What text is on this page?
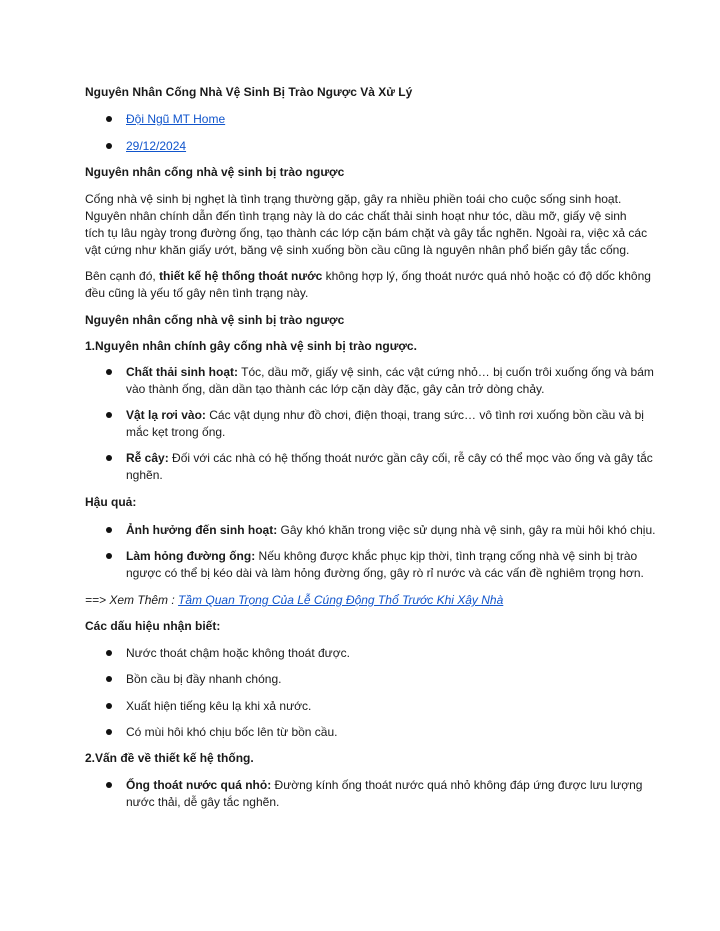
Nguyên Nhân Cống Nhà Vệ Sinh Bị Trào Ngược Và Xử Lý
Đội Ngũ MT Home
29/12/2024
Nguyên nhân cống nhà vệ sinh bị trào ngược
Cống nhà vệ sinh bị nghẹt là tình trạng thường gặp, gây ra nhiều phiền toái cho cuộc sống sinh hoạt.
Nguyên nhân chính dẫn đến tình trạng này là do các chất thải sinh hoạt như tóc, dầu mỡ, giấy vệ sinh
tích tụ lâu ngày trong đường ống, tạo thành các lớp cặn bám chặt và gây tắc nghẽn. Ngoài ra, việc xả các
vật cứng như khăn giấy ướt, băng vệ sinh xuống bồn cầu cũng là nguyên nhân phổ biến gây tắc cống.
Bên cạnh đó, thiết kế hệ thống thoát nước không hợp lý, ống thoát nước quá nhỏ hoặc có độ dốc không
đều cũng là yếu tố gây nên tình trạng này.
Nguyên nhân cống nhà vệ sinh bị trào ngược
1.Nguyên nhân chính gây cống nhà vệ sinh bị trào ngược.
Chất thải sinh hoạt: Tóc, dầu mỡ, giấy vệ sinh, các vật cứng nhỏ… bị cuốn trôi xuống ống và bám
vào thành ống, dần dần tạo thành các lớp cặn dày đặc, gây cản trở dòng chảy.
Vật lạ rơi vào: Các vật dụng như đồ chơi, điện thoại, trang sức… vô tình rơi xuống bồn cầu và bị
mắc kẹt trong ống.
Rễ cây: Đối với các nhà có hệ thống thoát nước gần cây cối, rễ cây có thể mọc vào ống và gây tắc
nghẽn.
Hậu quả:
Ảnh hưởng đến sinh hoạt: Gây khó khăn trong việc sử dụng nhà vệ sinh, gây ra mùi hôi khó chịu.
Làm hỏng đường ống: Nếu không được khắc phục kịp thời, tình trạng cống nhà vệ sinh bị trào
ngược có thể bị kéo dài và làm hỏng đường ống, gây rò rỉ nước và các vấn đề nghiêm trọng hơn.
==> Xem Thêm : Tầm Quan Trọng Của Lễ Cúng Động Thổ Trước Khi Xây Nhà
Các dấu hiệu nhận biết:
Nước thoát chậm hoặc không thoát được.
Bồn cầu bị đầy nhanh chóng.
Xuất hiện tiếng kêu lạ khi xả nước.
Có mùi hôi khó chịu bốc lên từ bồn cầu.
2.Vấn đề về thiết kế hệ thống.
Ống thoát nước quá nhỏ: Đường kính ống thoát nước quá nhỏ không đáp ứng được lưu lượng
nước thải, dễ gây tắc nghẽn.
